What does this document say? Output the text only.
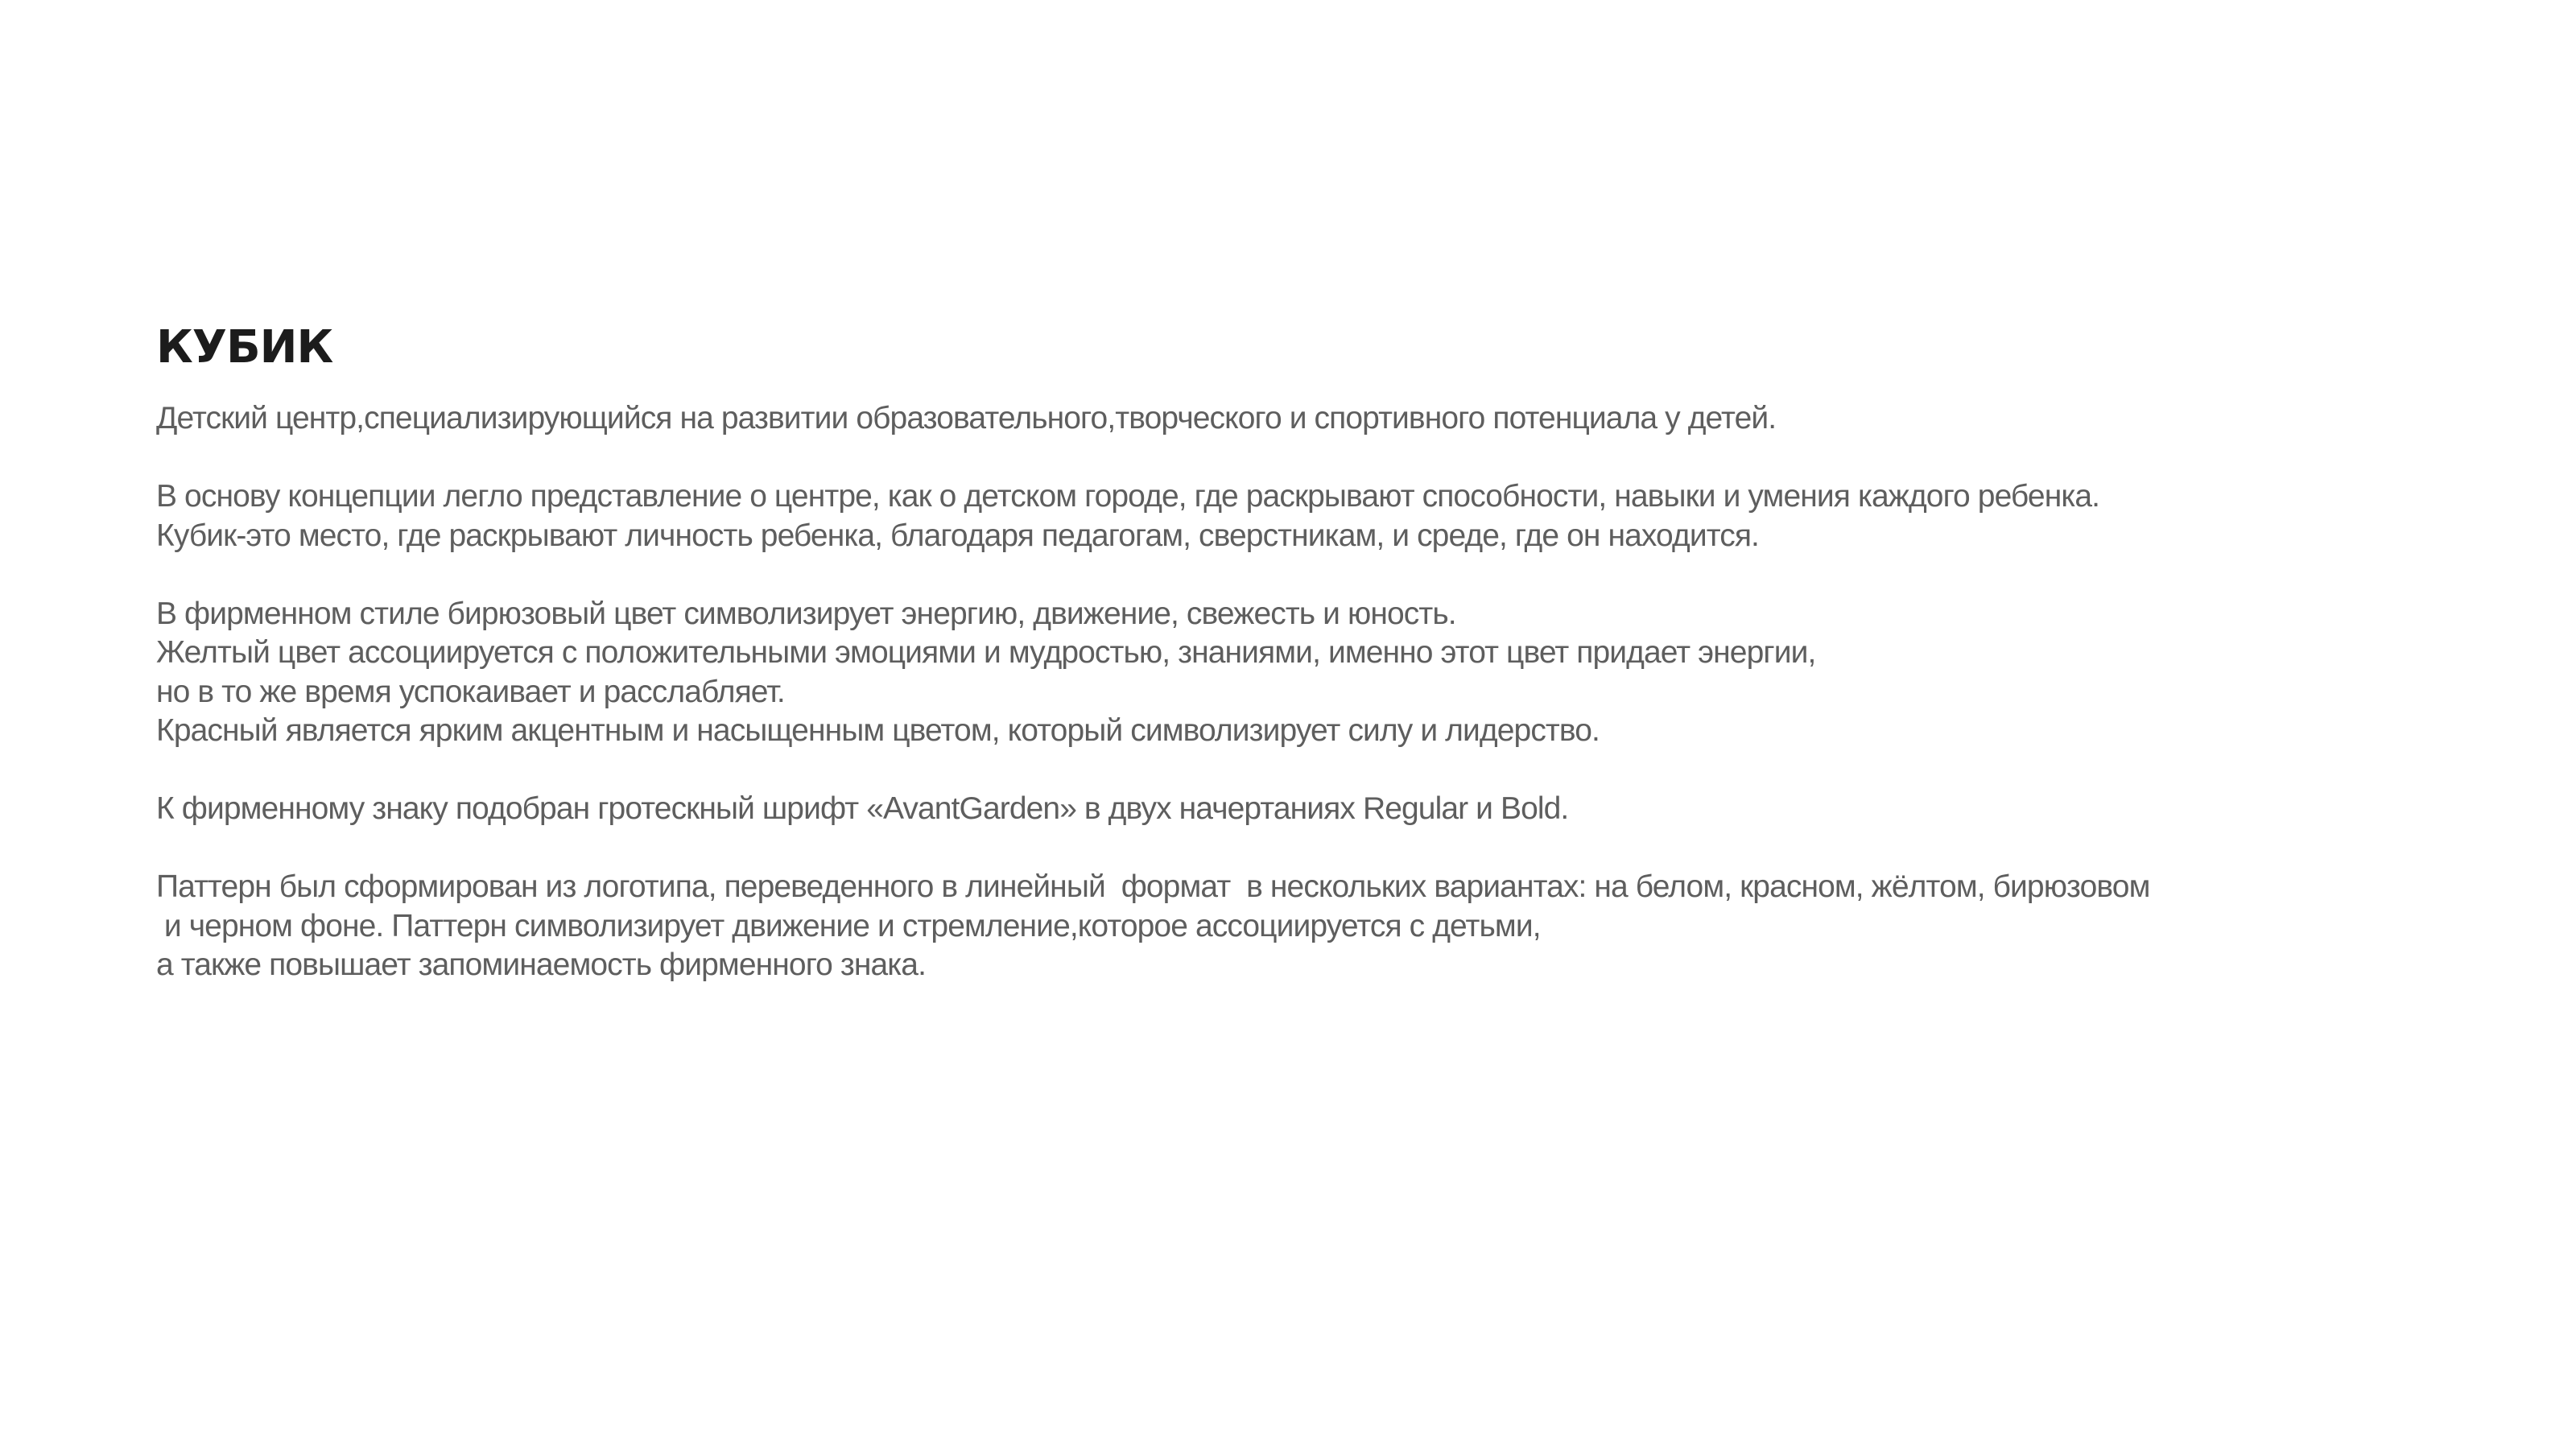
КУБИК
Детский центр,специализирующийся на развитии образовательного,творческого и спортивного потенциала у детей.
В основу концепции легло представление о центре, как о детском городе, где раскрывают способности, навыки и умения каждого ребенка.
Кубик-это место, где раскрывают личность ребенка, благодаря педагогам, сверстникам, и среде, где он находится.
В фирменном стиле бирюзовый цвет символизирует энергию, движение, свежесть и юность.
Желтый цвет ассоциируется с положительными эмоциями и мудростью, знаниями, именно этот цвет придает энергии,
но в то же время успокаивает и расслабляет.
Красный является ярким акцентным и насыщенным цветом, который символизирует силу и лидерство.
К фирменному знаку подобран гротескный шрифт «AvantGarden» в двух начертаниях Regular и Bold.
Паттерн был сформирован из логотипа, переведенного в линейный  формат  в нескольких вариантах: на белом, красном, жёлтом, бирюзовом
и черном фоне. Паттерн символизирует движение и стремление,которое ассоциируется с детьми,
а также повышает запоминаемость фирменного знака.
